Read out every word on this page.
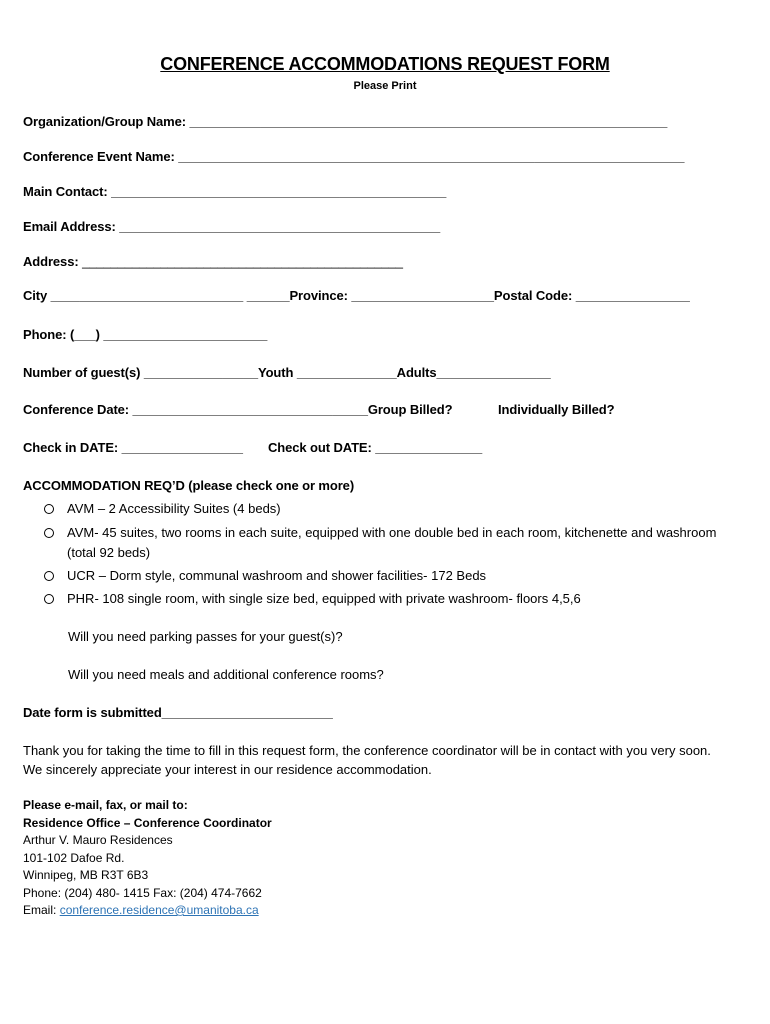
CONFERENCE ACCOMMODATIONS REQUEST FORM
Please Print
Organization/Group Name: ___________________________________________________________________
Conference Event Name: _______________________________________________________________________
Main Contact: _______________________________________________
Email Address: _____________________________________________
Address: _____________________________________________
City ___________________________ ______Province: ____________________Postal Code: ________________
Phone: (___) _______________________
Number of guest(s) ________________Youth ______________Adults________________
Conference Date: _________________________________Group Billed?	Individually Billed?
Check in DATE: _________________ Check out DATE: _______________
ACCOMMODATION REQ’D (please check one or more)
AVM – 2 Accessibility Suites (4 beds)
AVM- 45 suites, two rooms in each suite, equipped with one double bed in each room, kitchenette and washroom (total 92 beds)
UCR – Dorm style, communal washroom and shower facilities- 172 Beds
PHR- 108 single room, with single size bed, equipped with private washroom- floors 4,5,6
Will you need parking passes for your guest(s)?
Will you need meals and additional conference rooms?
Date form is submitted________________________
Thank you for taking the time to fill in this request form, the conference coordinator will be in contact with you very soon. We sincerely appreciate your interest in our residence accommodation.
Please e-mail, fax, or mail to:
Residence Office – Conference Coordinator
Arthur V. Mauro Residences
101-102 Dafoe Rd.
Winnipeg, MB R3T 6B3
Phone: (204) 480- 1415 Fax: (204) 474-7662
Email: conference.residence@umanitoba.ca
